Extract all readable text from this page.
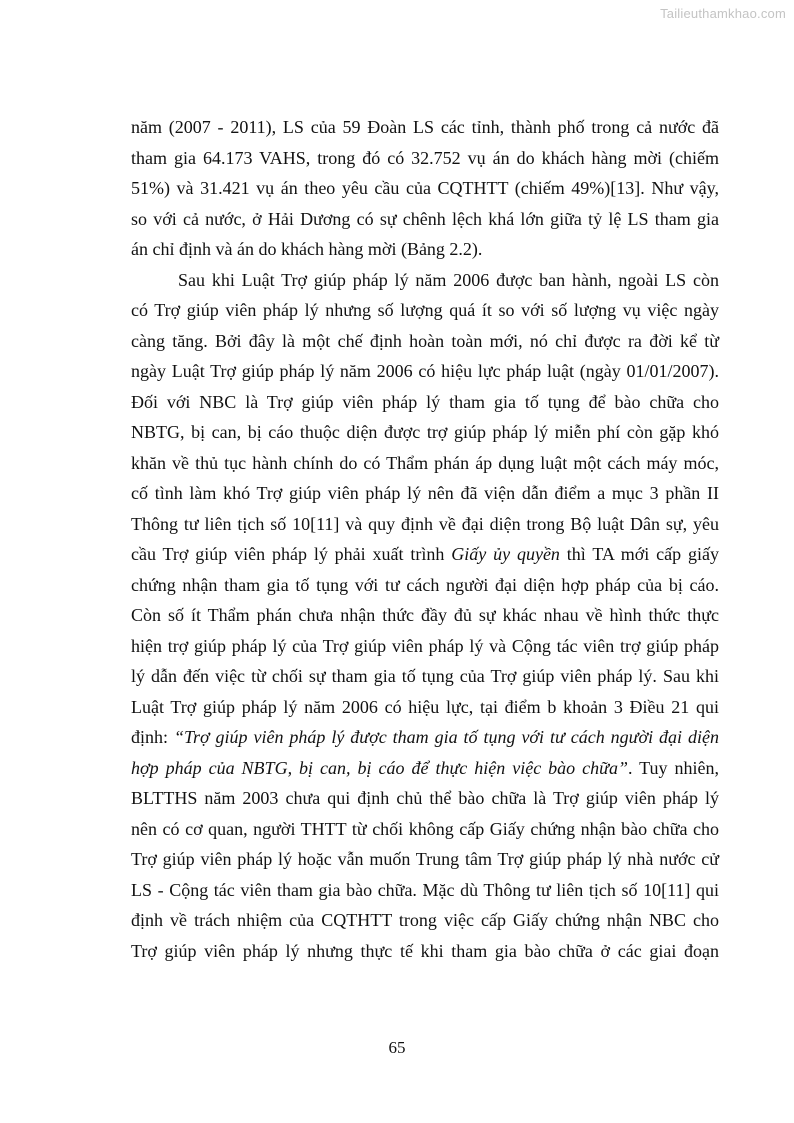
Tailieuthamkhao.com
năm (2007 - 2011), LS của 59 Đoàn LS các tỉnh, thành phố trong cả nước đã
tham gia 64.173 VAHS, trong đó có 32.752 vụ án do khách hàng mời (chiếm
51%) và 31.421 vụ án theo yêu cầu của CQTHTT (chiếm 49%)[13]. Như vậy,
so với cả nước, ở Hải Dương có sự chênh lệch khá lớn giữa tỷ lệ LS tham gia
án chỉ định và án do khách hàng mời (Bảng 2.2).
Sau khi Luật Trợ giúp pháp lý năm 2006 được ban hành, ngoài LS còn
có Trợ giúp viên pháp lý nhưng số lượng quá ít so với số lượng vụ việc ngày
càng tăng. Bởi đây là một chế định hoàn toàn mới, nó chỉ được ra đời kể từ
ngày Luật Trợ giúp pháp lý năm 2006 có hiệu lực pháp luật (ngày 01/01/2007).
Đối với NBC là Trợ giúp viên pháp lý tham gia tố tụng để bào chữa cho
NBTG, bị can, bị cáo thuộc diện được trợ giúp pháp lý miễn phí còn gặp khó
khăn về thủ tục hành chính do có Thẩm phán áp dụng luật một cách máy móc,
cố tình làm khó Trợ giúp viên pháp lý nên đã viện dẫn điểm a mục 3 phần II
Thông tư liên tịch số 10[11] và quy định về đại diện trong Bộ luật Dân sự, yêu
cầu Trợ giúp viên pháp lý phải xuất trình Giấy ủy quyền thì TA mới cấp giấy
chứng nhận tham gia tố tụng với tư cách người đại diện hợp pháp của bị cáo.
Còn số ít Thẩm phán chưa nhận thức đầy đủ sự khác nhau về hình thức thực
hiện trợ giúp pháp lý của Trợ giúp viên pháp lý và Cộng tác viên trợ giúp pháp
lý dẫn đến việc từ chối sự tham gia tố tụng của Trợ giúp viên pháp lý. Sau khi
Luật Trợ giúp pháp lý năm 2006 có hiệu lực, tại điểm b khoản 3 Điều 21 qui
định: “Trợ giúp viên pháp lý được tham gia tố tụng với tư cách người đại diện
hợp pháp của NBTG, bị can, bị cáo để thực hiện việc bào chữa”. Tuy nhiên,
BLTTHS năm 2003 chưa qui định chủ thể bào chữa là Trợ giúp viên pháp lý
nên có cơ quan, người THTT từ chối không cấp Giấy chứng nhận bào chữa cho
Trợ giúp viên pháp lý hoặc vẫn muốn Trung tâm Trợ giúp pháp lý nhà nước cử
LS - Cộng tác viên tham gia bào chữa. Mặc dù Thông tư liên tịch số 10[11] qui
định về trách nhiệm của CQTHTT trong việc cấp Giấy chứng nhận NBC cho
Trợ giúp viên pháp lý nhưng thực tế khi tham gia bào chữa ở các giai đoạn
65
